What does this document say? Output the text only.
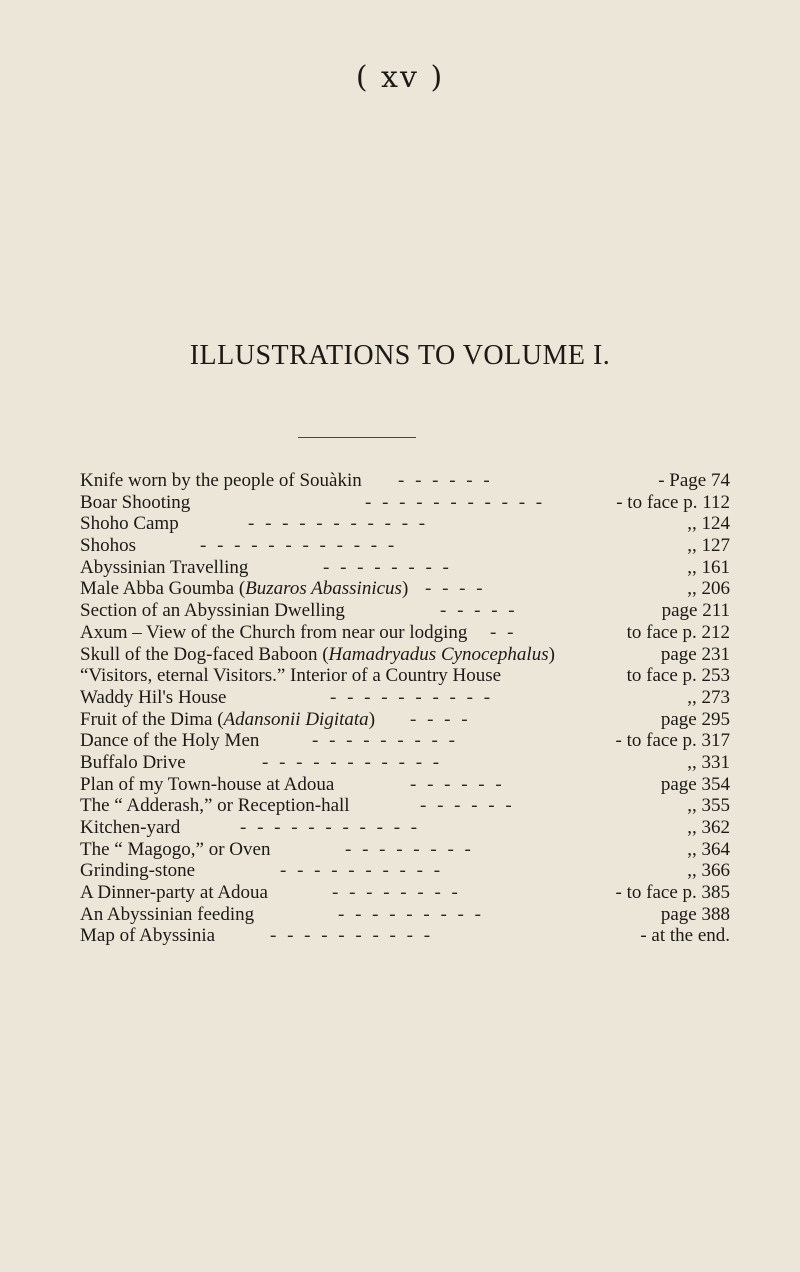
( xv )
ILLUSTRATIONS TO VOLUME I.
Knife worn by the people of Souàkin - - - - - -	- Page 74
Boar Shooting	- - - - - - - - - - -	- to face p. 112
Shoho Camp	- - - - - - - - - - -	,, 124
Shohos	- - - - - - - - - - - -	,, 127
Abyssinian Travelling	- - - - - - - -	,, 161
Male Abba Goumba (Buzaros Abassinicus) - - - -	,, 206
Section of an Abyssinian Dwelling	- - - - -	page 211
Axum – View of the Church from near our lodging - -	to face p. 212
Skull of the Dog-faced Baboon (Hamadryadus Cynocephalus)	page 231
“Visitors, eternal Visitors.” Interior of a Country House	to face p. 253
Waddy Hil's House	- - - - - - - - - -	,, 273
Fruit of the Dima (Adansonii Digitata) - - - -	page 295
Dance of the Holy Men	- - - - - - - - -	- to face p. 317
Buffalo Drive	- - - - - - - - - - -	,, 331
Plan of my Town-house at Adoua	- - - - - -	page 354
The “ Adderash,” or Reception-hall	- - - - - -	,, 355
Kitchen-yard	- - - - - - - - - - -	,, 362
The “ Magogo,” or Oven	- - - - - - - -	,, 364
Grinding-stone	- - - - - - - - - -	,, 366
A Dinner-party at Adoua	- - - - - - - -	- to face p. 385
An Abyssinian feeding	- - - - - - - - -	page 388
Map of Abyssinia	- - - - - - - - - -	- at the end.
